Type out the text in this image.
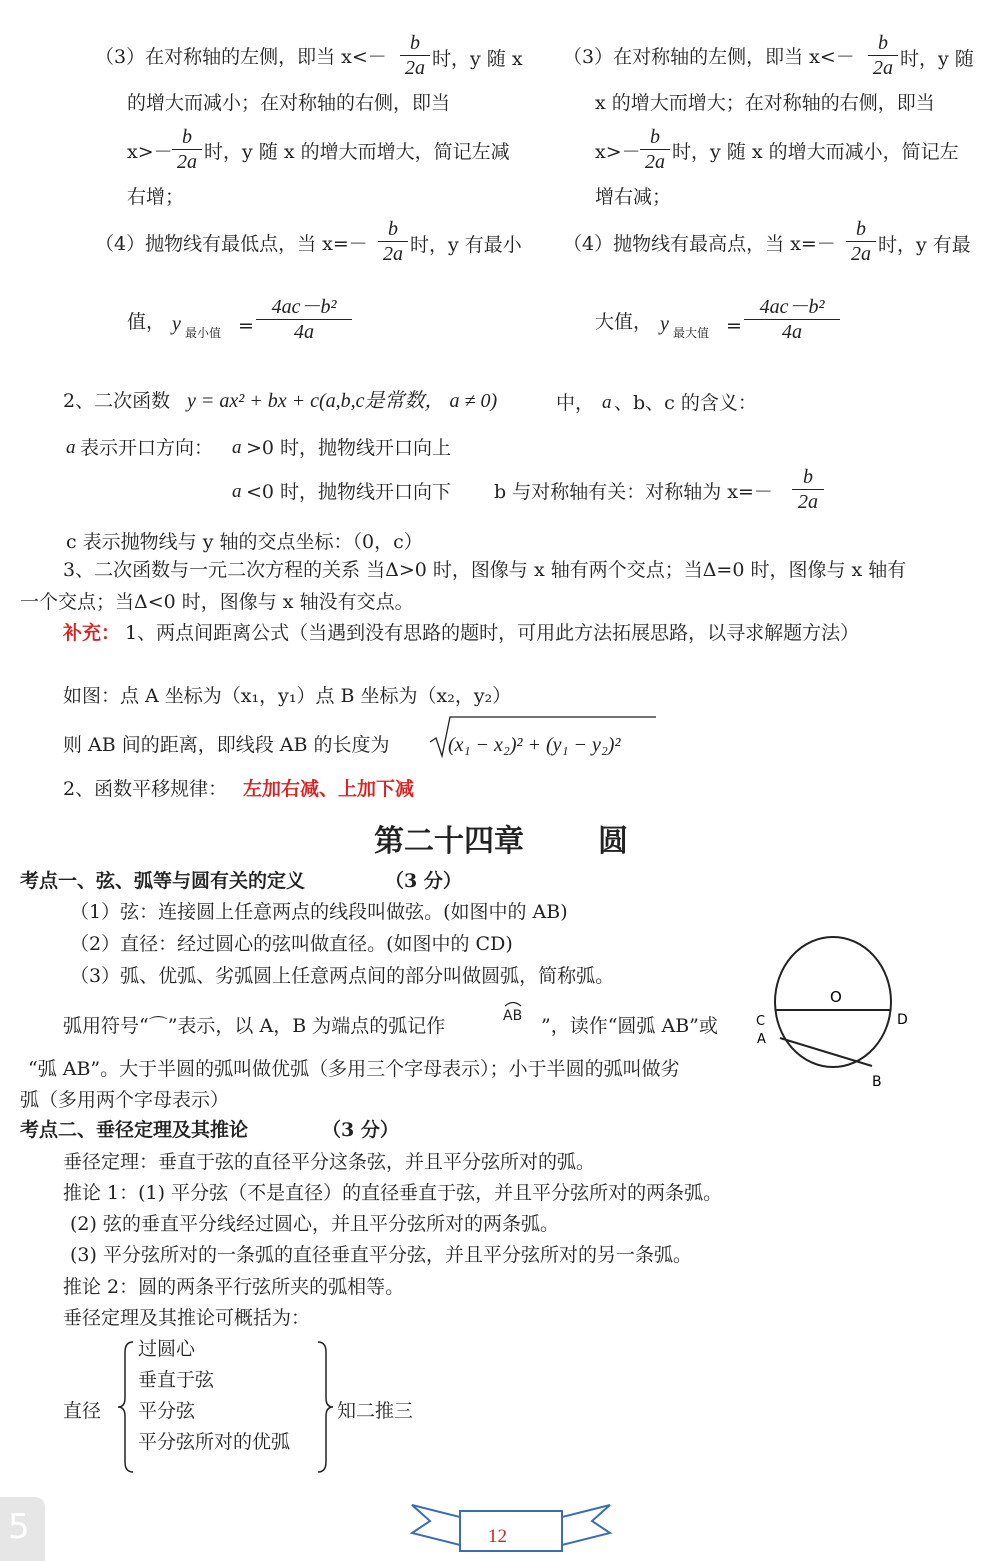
（3）在对称轴的左侧，即当 x<－
b
2a 时，y 随 x
的增大而减小；在对称轴的右侧，即当
x>－
b
2a 时，y 随 x 的增大而增大，简记左减
右增；
（3）在对称轴的左侧，即当 x<－
b
2a 时，y 随
x 的增大而增大；在对称轴的右侧，即当
x>－
b
2a 时，y 随 x 的增大而减小，简记左
增右减；
（4）抛物线有最低点，当 x=－
b
2a 时，y 有最小
值， y 最小值 =
4ac－b²
4a
（4）抛物线有最高点，当 x=－
b
2a 时，y 有最
大值， y 最大值 =
4ac－b²
4a
2、二次函数 y = ax² + bx + c(a,b,c是常数， a ≠ 0)	中， a 、b、c 的含义：
a 表示开口方向： a >0 时，抛物线开口向上
a <0 时，抛物线开口向下 b 与对称轴有关：对称轴为 x=－
b
2a
c 表示抛物线与 y 轴的交点坐标：（0，c）
3、二次函数与一元二次方程的关系 当Δ>0 时，图像与 x 轴有两个交点；当Δ=0 时，图像与 x 轴有
一个交点；当Δ<0 时，图像与 x 轴没有交点。
补充： 1、两点间距离公式（当遇到没有思路的题时，可用此方法拓展思路，以寻求解题方法）
如图：点 A 坐标为（x₁，y₁）点 B 坐标为（x₂，y₂）
则 AB 间的距离，即线段 AB 的长度为	(x₁ − x₂)² + (y₁ − y₂)²
2、函数平移规律： 左加右减、上加下减
第二十四章 圆
考点一、弦、弧等与圆有关的定义	（3 分）
（1）弦：连接圆上任意两点的线段叫做弦。(如图中的 AB)
（2）直径：经过圆心的弦叫做直径。(如图中的 CD)
（3）弧、优弧、劣弧圆上任意两点间的部分叫做圆弧，简称弧。
弧用符号“⌒”表示，以 A，B 为端点的弧记作	AB ”，读作“圆弧 AB”或
“弧 AB”。大于半圆的弧叫做优弧（多用三个字母表示）；小于半圆的弧叫做劣
弧（多用两个字母表示）
O
C	D
A
B
考点二、垂径定理及其推论	（3 分）
垂径定理：垂直于弦的直径平分这条弦，并且平分弦所对的弧。
推论 1：(1) 平分弦（不是直径）的直径垂直于弦，并且平分弦所对的两条弧。
(2) 弦的垂直平分线经过圆心，并且平分弦所对的两条弧。
(3) 平分弦所对的一条弧的直径垂直平分弦，并且平分弦所对的另一条弧。
推论 2：圆的两条平行弦所夹的弧相等。
垂径定理及其推论可概括为：
直径
过圆心
垂直于弦
平分弦
平分弦所对的优弧
知二推三
5	12
